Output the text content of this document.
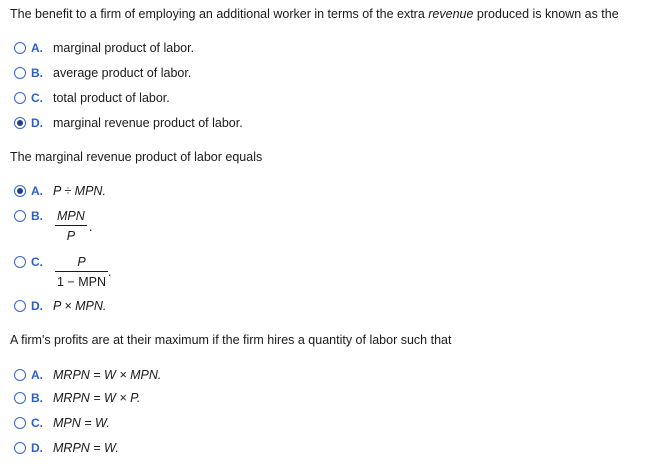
The benefit to a firm of employing an additional worker in terms of the extra revenue produced is known as the
A. marginal product of labor.
B. average product of labor.
C. total product of labor.
D. marginal revenue product of labor.
The marginal revenue product of labor equals
A. P ÷ MPN.
B.	MPN
P
.
C.	P
1 − MPN
.
D. P × MPN.
A firm's profits are at their maximum if the firm hires a quantity of labor such that
A. MRPN = W × MPN.
B. MRPN = W × P.
C. MPN = W.
D. MRPN = W.
